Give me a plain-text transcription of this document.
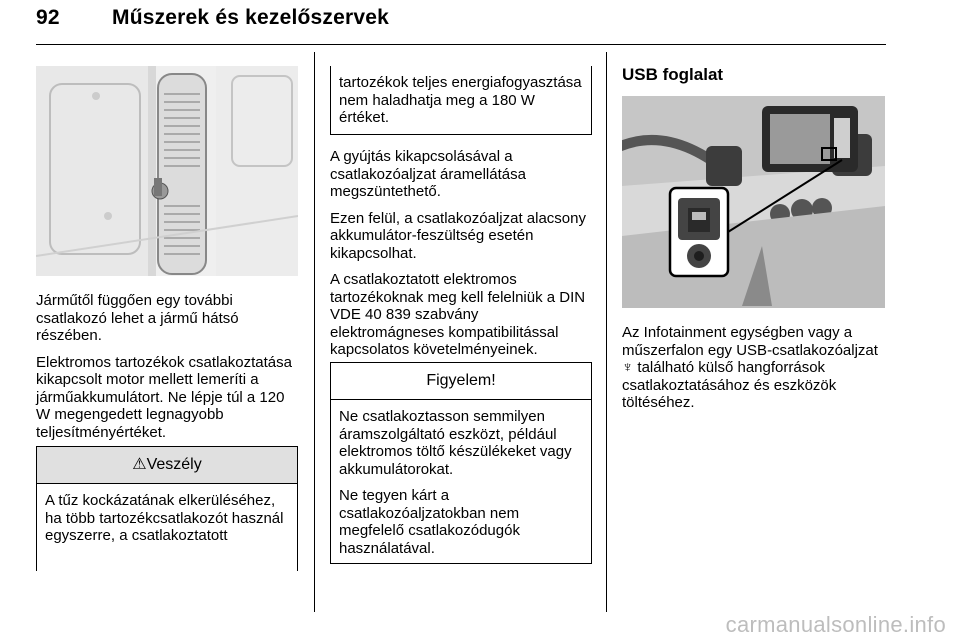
92 Műszerek és kezelőszervek

Járműtől függően egy további csatlakozó lehet a jármű hátsó részében.

Elektromos tartozékok csatlakoztatása kikapcsolt motor mellett lemeríti a járműakkumulátort. Ne lépje túl a 120 W megengedett legnagyobb teljesítményértéket.

⚠Veszély
A tűz kockázatának elkerüléséhez, ha több tartozékcsatlakozót használ egyszerre, a csatlakoztatott
tartozékok teljes energiafogyasztása nem haladhatja meg a 180 W értéket.

A gyújtás kikapcsolásával a csatlakozóaljzat áramellátása megszüntethető.

Ezen felül, a csatlakozóaljzat alacsony akkumulátor-feszültség esetén kikapcsolhat.

A csatlakoztatott elektromos tartozékoknak meg kell felelniük a DIN VDE 40 839 szabvány elektromágneses kompatibilitással kapcsolatos követelményeinek.

Figyelem!

Ne csatlakoztasson semmilyen áramszolgáltató eszközt, például elektromos töltő készülékeket vagy akkumulátorokat.

Ne tegyen kárt a csatlakozóaljzatokban nem megfelelő csatlakozódugók használatával.

USB foglalat

Az Infotainment egységben vagy a műszerfalon egy USB-csatlakozóaljzat ♆ található külső hangforrások csatlakoztatásához és eszközök töltéséhez.

carmanualsonline.info
